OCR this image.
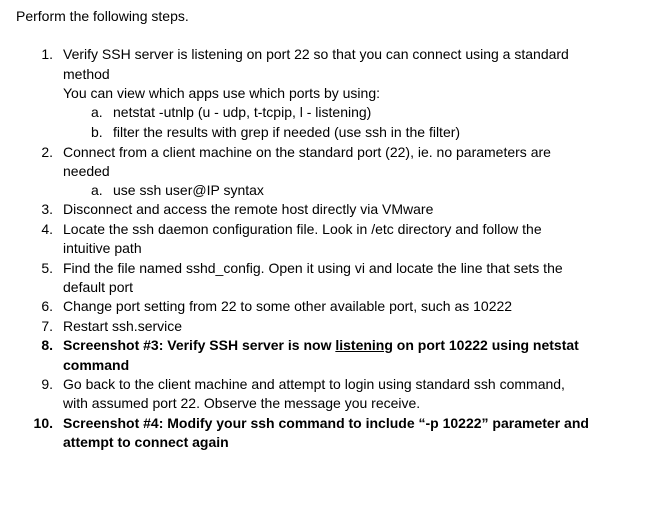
Perform the following steps.
1. Verify SSH server is listening on port 22 so that you can connect using a standard
method
You can view which apps use which ports by using:
a. netstat -utnlp (u - udp, t-tcpip, l - listening)
b. filter the results with grep if needed (use ssh in the filter)
2. Connect from a client machine on the standard port (22), ie. no parameters are
needed
a. use ssh user@IP syntax
3. Disconnect and access the remote host directly via VMware
4. Locate the ssh daemon configuration file. Look in /etc directory and follow the
intuitive path
5. Find the file named sshd_config. Open it using vi and locate the line that sets the
default port
6. Change port setting from 22 to some other available port, such as 10222
7. Restart ssh.service
8. Screenshot #3: Verify SSH server is now listening on port 10222 using netstat
command
9. Go back to the client machine and attempt to login using standard ssh command,
with assumed port 22. Observe the message you receive.
10. Screenshot #4: Modify your ssh command to include “-p 10222” parameter and
attempt to connect again
